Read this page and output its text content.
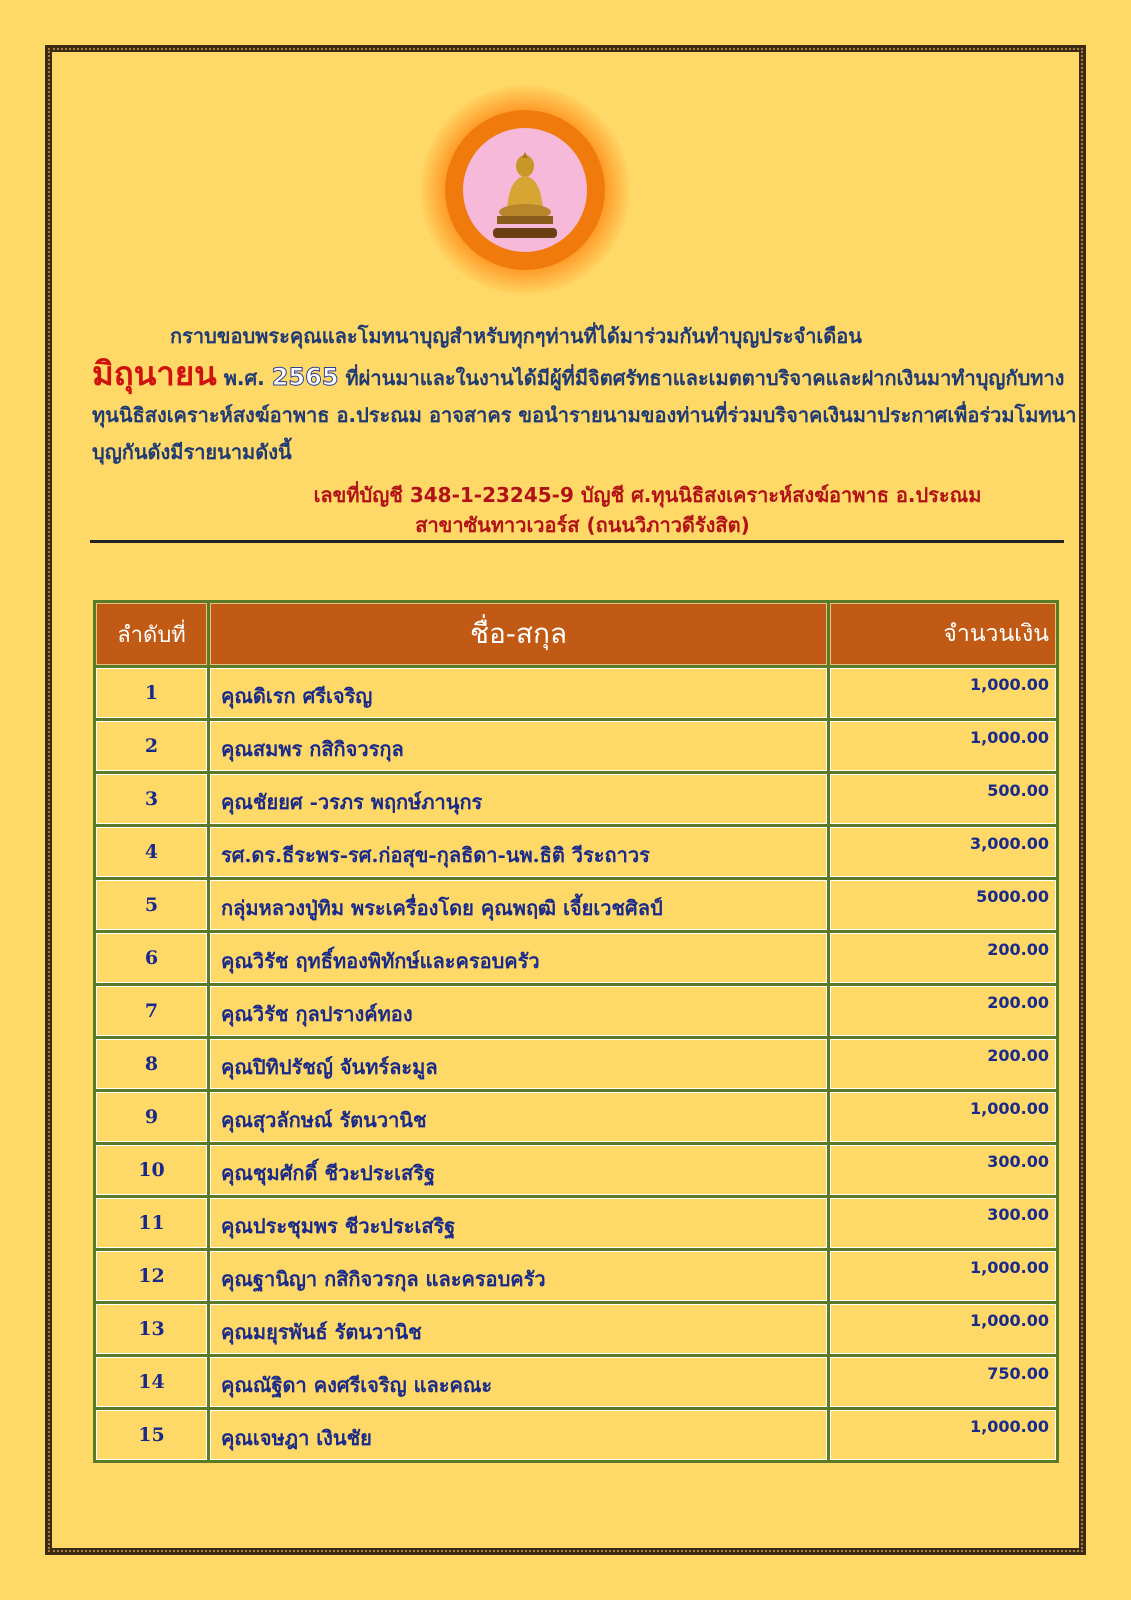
กราบขอบพระคุณและโมทนาบุญสำหรับทุกๆท่านที่ได้มาร่วมกันทำบุญประจำเดือน
มิถุนายน พ.ศ. 2565 ที่ผ่านมาและในงานได้มีผู้ที่มีจิตศรัทธาและเมตตาบริจาคและฝากเงินมาทำบุญกับทางทุนนิธิสงเคราะห์สงฆ์อาพาธ อ.ประณม อาจสาคร ขอนำรายนามของท่านที่ร่วมบริจาคเงินมาประกาศเพื่อร่วมโมทนาบุญกันดังมีรายนามดังนี้
เลขที่บัญชี 348-1-23245-9 บัญชี ศ.ทุนนิธิสงเคราะห์สงฆ์อาพาธ อ.ประณม
สาขาซันทาวเวอร์ส (ถนนวิภาวดีรังสิต)
ลำดับที่	ชื่อ-สกุล	จำนวนเงิน
1	คุณดิเรก ศรีเจริญ	1,000.00
2	คุณสมพร กสิกิจวรกุล	1,000.00
3	คุณชัยยศ -วรภร พฤกษ์ภานุกร	500.00
4	รศ.ดร.ธีระพร-รศ.ก่อสุข-กุลธิดา-นพ.ธิติ วีระถาวร	3,000.00
5	กลุ่มหลวงปู่ทิม พระเครื่องโดย คุณพฤฒิ เจี้ยเวชศิลป์	5000.00
6	คุณวิรัช ฤทธิ์ทองพิทักษ์และครอบครัว	200.00
7	คุณวิรัช กุลปรางค์ทอง	200.00
8	คุณปิทิปรัชญ์ จันทร์ละมูล	200.00
9	คุณสุวลักษณ์ รัตนวานิช	1,000.00
10	คุณชุมศักดิ์ ชีวะประเสริฐ	300.00
11	คุณประชุมพร ชีวะประเสริฐ	300.00
12	คุณฐานิญา กสิกิจวรกุล และครอบครัว	1,000.00
13	คุณมยุรพันธ์ รัตนวานิช	1,000.00
14	คุณณัฐิดา คงศรีเจริญ และคณะ	750.00
15	คุณเจษฎา เงินชัย	1,000.00
